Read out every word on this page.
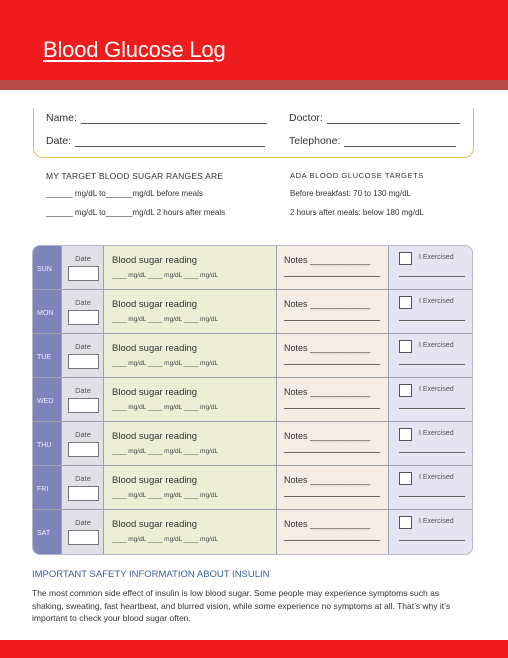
Blood Glucose Log
Name:	Doctor:
Date:	Telephone:
MY TARGET BLOOD SUGAR RANGES ARE
______ mg/dL to______mg/dL before meals
______ mg/dL to______mg/dL 2 hours after meals
ADA BLOOD GLUCOSE TARGETS
Before breakfast: 70 to 130 mg/dL
2 hours after meals: below 180 mg/dL
SUN
Date	Blood sugar reading
____ mg/dL ____ mg/dL ____ mg/dL
Notes ____________	I Exercised
MON
Date	Blood sugar reading
____ mg/dL ____ mg/dL ____ mg/dL
Notes ____________	I Exercised
TUE
Date	Blood sugar reading
____ mg/dL ____ mg/dL ____ mg/dL
Notes ____________	I Exercised
WED
Date	Blood sugar reading
____ mg/dL ____ mg/dL ____ mg/dL
Notes ____________	I Exercised
THU
Date	Blood sugar reading
____ mg/dL ____ mg/dL ____ mg/dL
Notes ____________	I Exercised
FRI
Date	Blood sugar reading
____ mg/dL ____ mg/dL ____ mg/dL
Notes ____________	I Exercised
SAT
Date	Blood sugar reading
____ mg/dL ____ mg/dL ____ mg/dL
Notes ____________	I Exercised
IMPORTANT SAFETY INFORMATION ABOUT INSULIN
The most common side effect of insulin is low blood sugar. Some people may experience symptoms such as shaking, sweating, fast heartbeat, and blurred vision, while some experience no symptoms at all. That’s why it’s important to check your blood sugar often.
